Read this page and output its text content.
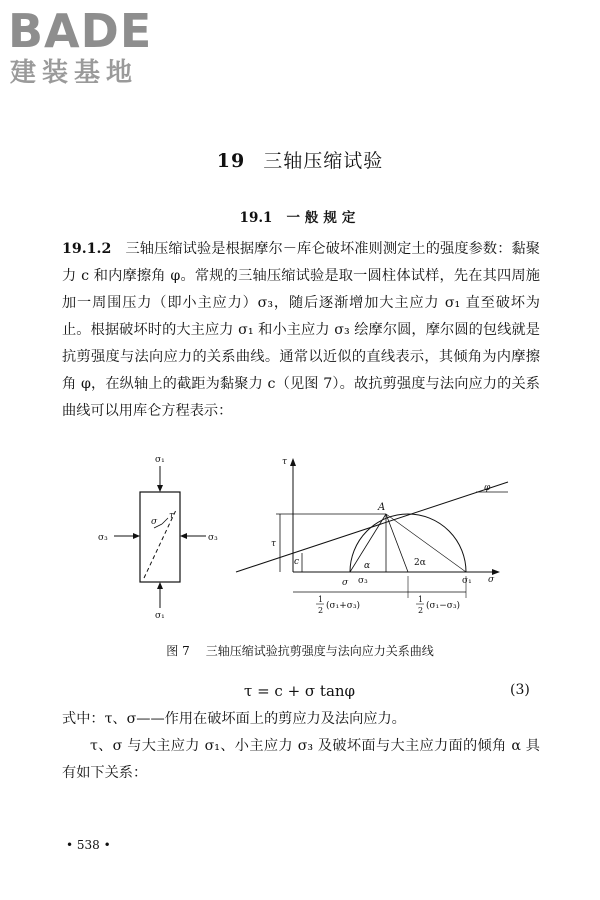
BADE
建装基地
19 三轴压缩试验
19.1 一般规定
19.1.2 三轴压缩试验是根据摩尔－库仑破坏准则测定土的强度参数：黏聚力 c 和内摩擦角 φ。常规的三轴压缩试验是取一圆柱体试样，先在其四周施加一周围压力（即小主应力）σ₃，随后逐渐增加大主应力 σ₁ 直至破坏为止。根据破坏时的大主应力 σ₁ 和小主应力 σ₃ 绘摩尔圆，摩尔圆的包线就是抗剪强度与法向应力的关系曲线。通常以近似的直线表示，其倾角为内摩擦角 φ，在纵轴上的截距为黏聚力 c（见图 7）。故抗剪强度与法向应力的关系曲线可以用库仑方程表示：
σ₁
σ₁
σ₃	σ₃
σ
τ
τ
σ
φ
τ
c
A
α	2α
σ σ₃	σ₁
1
2 (σ₁+σ₃)
1
2 (σ₁−σ₃)
图 7 三轴压缩试验抗剪强度与法向应力关系曲线
τ = c + σ tanφ	(3)
式中：τ、σ——作用在破坏面上的剪应力及法向应力。
τ、σ 与大主应力 σ₁、小主应力 σ₃ 及破坏面与大主应力面的倾角 α 具有如下关系：
• 538 •
